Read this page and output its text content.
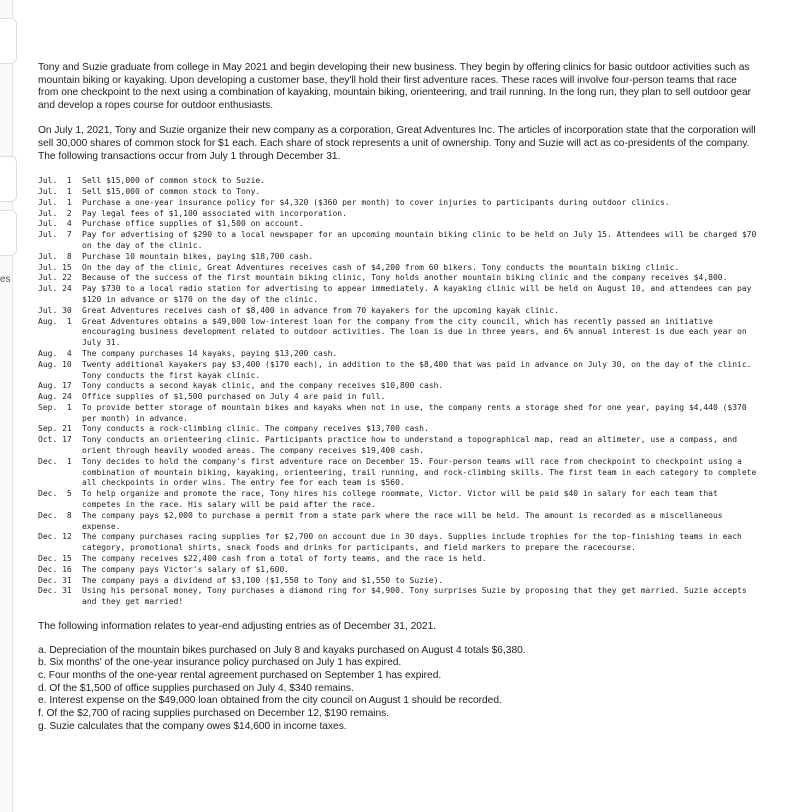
es

Tony and Suzie graduate from college in May 2021 and begin developing their new business. They begin by offering clinics for basic outdoor activities such as mountain biking or kayaking. Upon developing a customer base, they'll hold their first adventure races. These races will involve four-person teams that race from one checkpoint to the next using a combination of kayaking, mountain biking, orienteering, and trail running. In the long run, they plan to sell outdoor gear and develop a ropes course for outdoor enthusiasts.

On July 1, 2021, Tony and Suzie organize their new company as a corporation, Great Adventures Inc. The articles of incorporation state that the corporation will sell 30,000 shares of common stock for $1 each. Each share of stock represents a unit of ownership. Tony and Suzie will act as co-presidents of the company. The following transactions occur from July 1 through December 31.

Jul.  1	Sell $15,000 of common stock to Suzie.
Jul.  1	Sell $15,000 of common stock to Tony.
Jul.  1	Purchase a one-year insurance policy for $4,320 ($360 per month) to cover injuries to participants during outdoor clinics.
Jul.  2	Pay legal fees of $1,100 associated with incorporation.
Jul.  4	Purchase office supplies of $1,500 on account.
Jul.  7	Pay for advertising of $290 to a local newspaper for an upcoming mountain biking clinic to be held on July 15. Attendees will be charged $70 on the day of the clinic.
Jul.  8	Purchase 10 mountain bikes, paying $18,700 cash.
Jul. 15	On the day of the clinic, Great Adventures receives cash of $4,200 from 60 bikers. Tony conducts the mountain biking clinic.
Jul. 22	Because of the success of the first mountain biking clinic, Tony holds another mountain biking clinic and the company receives $4,800.
Jul. 24	Pay $730 to a local radio station for advertising to appear immediately. A kayaking clinic will be held on August 10, and attendees can pay $120 in advance or $170 on the day of the clinic.
Jul. 30	Great Adventures receives cash of $8,400 in advance from 70 kayakers for the upcoming kayak clinic.
Aug.  1	Great Adventures obtains a $49,000 low-interest loan for the company from the city council, which has recently passed an initiative encouraging business development related to outdoor activities. The loan is due in three years, and 6% annual interest is due each year on July 31.
Aug.  4	The company purchases 14 kayaks, paying $13,200 cash.
Aug. 10	Twenty additional kayakers pay $3,400 ($170 each), in addition to the $8,400 that was paid in advance on July 30, on the day of the clinic. Tony conducts the first kayak clinic.
Aug. 17	Tony conducts a second kayak clinic, and the company receives $10,800 cash.
Aug. 24	Office supplies of $1,500 purchased on July 4 are paid in full.
Sep.  1	To provide better storage of mountain bikes and kayaks when not in use, the company rents a storage shed for one year, paying $4,440 ($370 per month) in advance.
Sep. 21	Tony conducts a rock-climbing clinic. The company receives $13,700 cash.
Oct. 17	Tony conducts an orienteering clinic. Participants practice how to understand a topographical map, read an altimeter, use a compass, and orient through heavily wooded areas. The company receives $19,400 cash.
Dec.  1	Tony decides to hold the company's first adventure race on December 15. Four-person teams will race from checkpoint to checkpoint using a combination of mountain biking, kayaking, orienteering, trail running, and rock-climbing skills. The first team in each category to complete all checkpoints in order wins. The entry fee for each team is $560.
Dec.  5	To help organize and promote the race, Tony hires his college roommate, Victor. Victor will be paid $40 in salary for each team that competes in the race. His salary will be paid after the race.
Dec.  8	The company pays $2,000 to purchase a permit from a state park where the race will be held. The amount is recorded as a miscellaneous expense.
Dec. 12	The company purchases racing supplies for $2,700 on account due in 30 days. Supplies include trophies for the top-finishing teams in each category, promotional shirts, snack foods and drinks for participants, and field markers to prepare the racecourse.
Dec. 15	The company receives $22,400 cash from a total of forty teams, and the race is held.
Dec. 16	The company pays Victor's salary of $1,600.
Dec. 31	The company pays a dividend of $3,100 ($1,550 to Tony and $1,550 to Suzie).
Dec. 31	Using his personal money, Tony purchases a diamond ring for $4,900. Tony surprises Suzie by proposing that they get married. Suzie accepts and they get married!

The following information relates to year-end adjusting entries as of December 31, 2021.

a. Depreciation of the mountain bikes purchased on July 8 and kayaks purchased on August 4 totals $6,380.
b. Six months' of the one-year insurance policy purchased on July 1 has expired.
c. Four months of the one-year rental agreement purchased on September 1 has expired.
d. Of the $1,500 of office supplies purchased on July 4, $340 remains.
e. Interest expense on the $49,000 loan obtained from the city council on August 1 should be recorded.
f. Of the $2,700 of racing supplies purchased on December 12, $190 remains.
g. Suzie calculates that the company owes $14,600 in income taxes.
